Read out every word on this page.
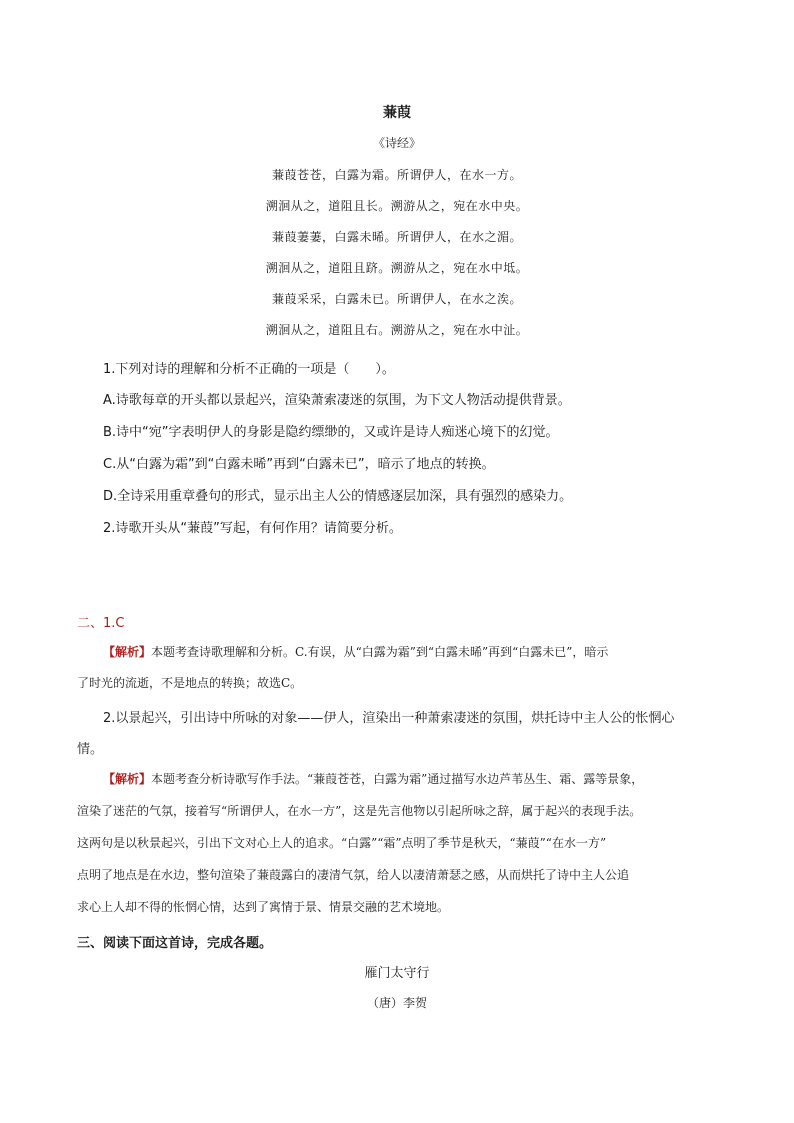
蒹葭
《诗经》
蒹葭苍苍，白露为霜。所谓伊人，在水一方。
溯洄从之，道阻且长。溯游从之，宛在水中央。
蒹葭萋萋，白露未晞。所谓伊人，在水之湄。
溯洄从之，道阻且跻。溯游从之，宛在水中坻。
蒹葭采采，白露未已。所谓伊人，在水之涘。
溯洄从之，道阻且右。溯游从之，宛在水中沚。
1.下列对诗的理解和分析不正确的一项是（　　）。
A.诗歌每章的开头都以景起兴，渲染萧索凄迷的氛围，为下文人物活动提供背景。
B.诗中“宛”字表明伊人的身影是隐约缥缈的，又或许是诗人痴迷心境下的幻觉。
C.从“白露为霜”到“白露未晞”再到“白露未已”，暗示了地点的转换。
D.全诗采用重章叠句的形式，显示出主人公的情感逐层加深，具有强烈的感染力。
2.诗歌开头从“蒹葭”写起，有何作用？请简要分析。
二、1.C
【解析】本题考查诗歌理解和分析。C.有误，从“白露为霜”到“白露未晞”再到“白露未已”，暗示
了时光的流逝，不是地点的转换；故选C。
2.以景起兴，引出诗中所咏的对象——伊人，渲染出一种萧索凄迷的氛围，烘托诗中主人公的怅惘心
情。
【解析】本题考查分析诗歌写作手法。“蒹葭苍苍，白露为霜”通过描写水边芦苇丛生、霜、露等景象，
渲染了迷茫的气氛，接着写“所谓伊人，在水一方”，这是先言他物以引起所咏之辞，属于起兴的表现手法。
这两句是以秋景起兴，引出下文对心上人的追求。“白露”“霜”点明了季节是秋天，“蒹葭”“在水一方”
点明了地点是在水边，整句渲染了蒹葭露白的凄清气氛，给人以凄清萧瑟之感，从而烘托了诗中主人公追
求心上人却不得的怅惘心情，达到了寓情于景、情景交融的艺术境地。
三、阅读下面这首诗，完成各题。
雁门太守行
（唐）李贺
